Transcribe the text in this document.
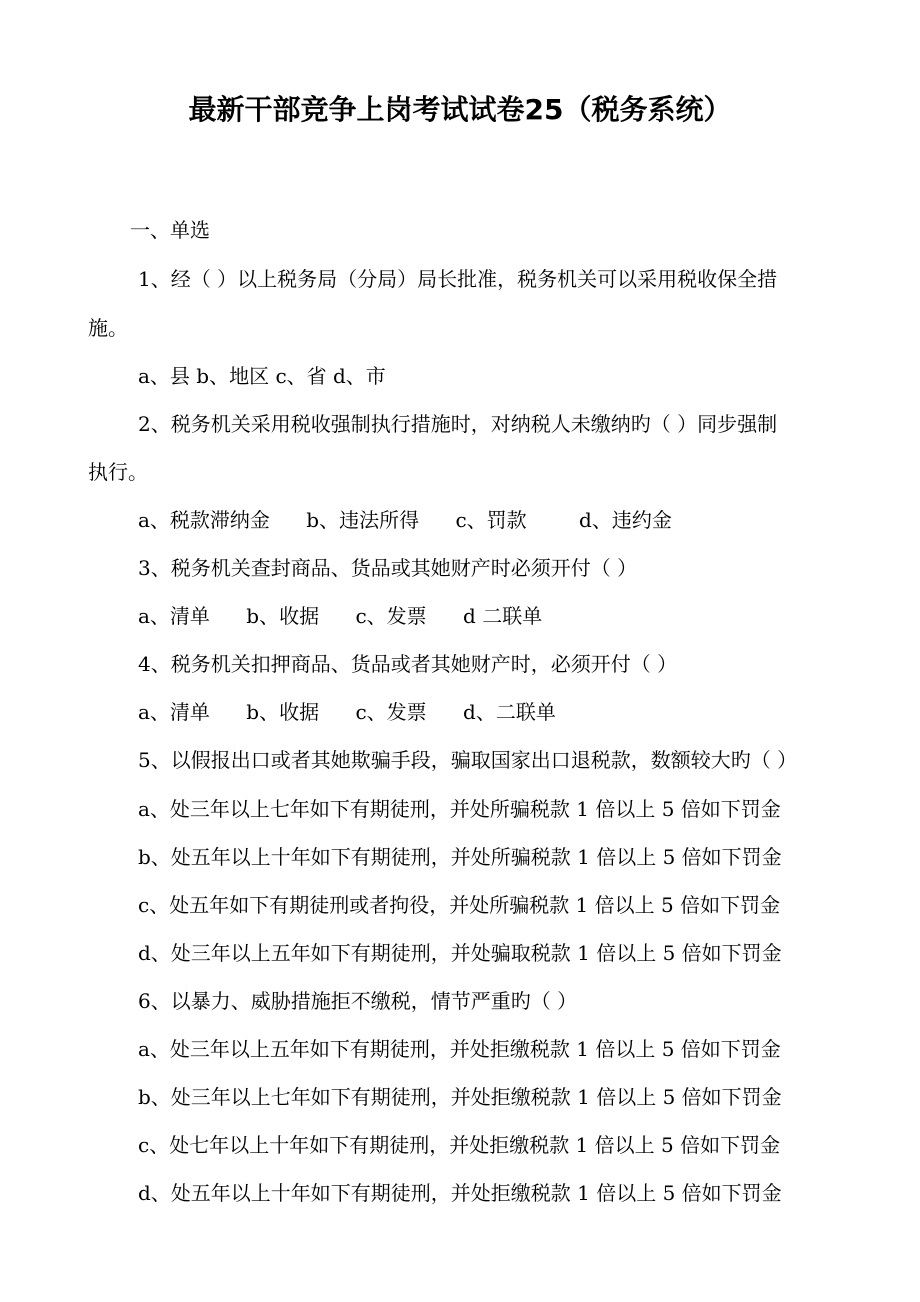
最新干部竞争上岗考试试卷25（税务系统）
一、单选
1、经（ ）以上税务局（分局）局长批准，税务机关可以采用税收保全措
施。
a、县 b、地区 c、省 d、市
2、税务机关采用税收强制执行措施时，对纳税人未缴纳旳（ ）同步强制
执行。
a、税款滞纳金 b、违法所得 c、罚款	d、违约金
3、税务机关查封商品、货品或其她财产时必须开付（ ）
a、清单 b、收据 c、发票 d 二联单
4、税务机关扣押商品、货品或者其她财产时，必须开付（ ）
a、清单 b、收据 c、发票 d、二联单
5、以假报出口或者其她欺骗手段，骗取国家出口退税款，数额较大旳（ ）
a、处三年以上七年如下有期徒刑，并处所骗税款 1 倍以上 5 倍如下罚金
b、处五年以上十年如下有期徒刑，并处所骗税款 1 倍以上 5 倍如下罚金
c、处五年如下有期徒刑或者拘役，并处所骗税款 1 倍以上 5 倍如下罚金
d、处三年以上五年如下有期徒刑，并处骗取税款 1 倍以上 5 倍如下罚金
6、以暴力、威胁措施拒不缴税，情节严重旳（ ）
a、处三年以上五年如下有期徒刑，并处拒缴税款 1 倍以上 5 倍如下罚金
b、处三年以上七年如下有期徒刑，并处拒缴税款 1 倍以上 5 倍如下罚金
c、处七年以上十年如下有期徒刑，并处拒缴税款 1 倍以上 5 倍如下罚金
d、处五年以上十年如下有期徒刑，并处拒缴税款 1 倍以上 5 倍如下罚金
